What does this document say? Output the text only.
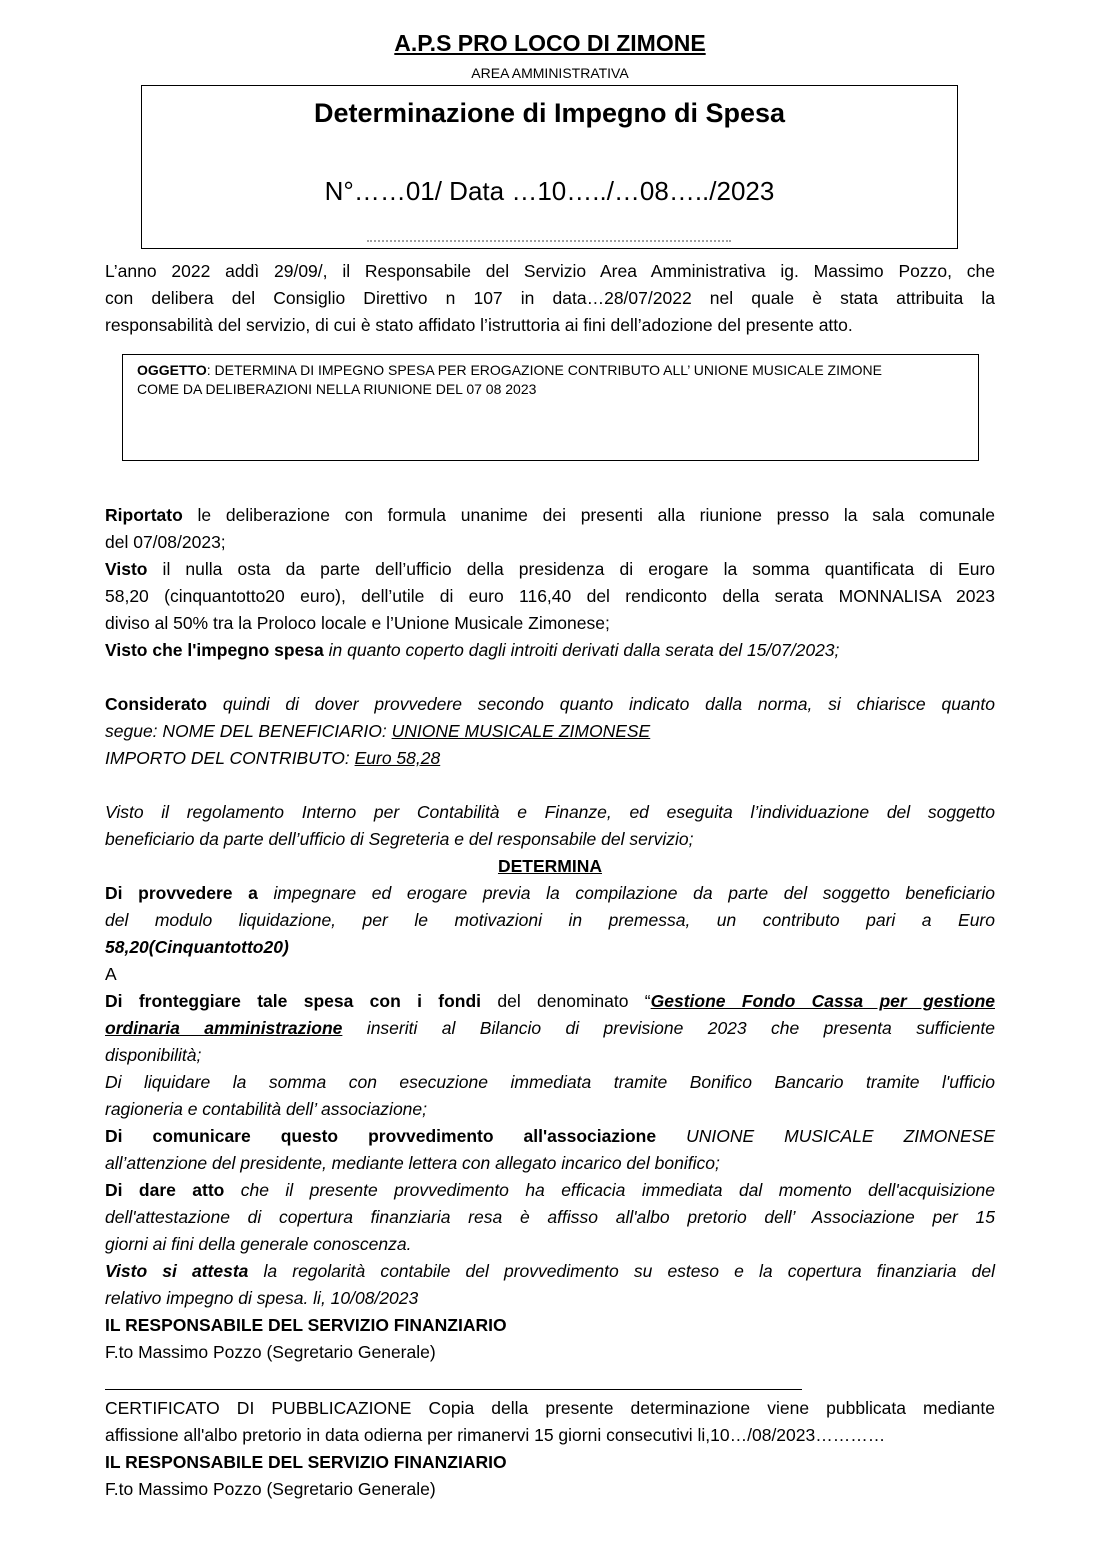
A.P.S PRO LOCO DI ZIMONE
AREA AMMINISTRATIVA
Determinazione di Impegno di Spesa
N°……01/ Data …10…../…08…../2023
L’anno 2022 addì 29/09/, il Responsabile del Servizio Area Amministrativa ig. Massimo Pozzo, che
con delibera del Consiglio Direttivo n 107 in data…28/07/2022 nel quale è stata attribuita la
responsabilità del servizio, di cui è stato affidato l’istruttoria ai fini dell’adozione del presente atto.
OGGETTO: DETERMINA DI IMPEGNO SPESA PER EROGAZIONE CONTRIBUTO ALL’ UNIONE MUSICALE ZIMONE
COME DA DELIBERAZIONI NELLA RIUNIONE DEL 07 08 2023
Riportato le deliberazione con formula unanime dei presenti alla riunione presso la sala comunale
del 07/08/2023;
Visto il nulla osta da parte dell’ufficio della presidenza di erogare la somma quantificata di Euro
58,20 (cinquantotto20 euro), dell’utile di euro 116,40 del rendiconto della serata MONNALISA 2023
diviso al 50% tra la Proloco locale e l’Unione Musicale Zimonese;
Visto che l'impegno spesa in quanto coperto dagli introiti derivati dalla serata del 15/07/2023;
Considerato quindi di dover provvedere secondo quanto indicato dalla norma, si chiarisce quanto
segue: NOME DEL BENEFICIARIO: UNIONE MUSICALE ZIMONESE
IMPORTO DEL CONTRIBUTO: Euro 58,28
Visto il regolamento Interno per Contabilità e Finanze, ed eseguita l’individuazione del soggetto
beneficiario da parte dell’ufficio di Segreteria e del responsabile del servizio;
DETERMINA
Di provvedere a impegnare ed erogare previa la compilazione da parte del soggetto beneficiario
del modulo liquidazione, per le motivazioni in premessa, un contributo pari a Euro
58,20(Cinquantotto20)
A
Di fronteggiare tale spesa con i fondi del denominato “Gestione Fondo Cassa per gestione
ordinaria amministrazione inseriti al Bilancio di previsione 2023 che presenta sufficiente
disponibilità;
Di liquidare la somma con esecuzione immediata tramite Bonifico Bancario tramite l'ufficio
ragioneria e contabilità dell’ associazione;
Di comunicare questo provvedimento all'associazione UNIONE MUSICALE ZIMONESE
all’attenzione del presidente, mediante lettera con allegato incarico del bonifico;
Di dare atto che il presente provvedimento ha efficacia immediata dal momento dell'acquisizione
dell'attestazione di copertura finanziaria resa è affisso all'albo pretorio dell’ Associazione per 15
giorni ai fini della generale conoscenza.
Visto si attesta la regolarità contabile del provvedimento su esteso e la copertura finanziaria del
relativo impegno di spesa. li, 10/08/2023
IL RESPONSABILE DEL SERVIZIO FINANZIARIO
F.to Massimo Pozzo (Segretario Generale)
CERTIFICATO DI PUBBLICAZIONE Copia della presente determinazione viene pubblicata mediante
affissione all'albo pretorio in data odierna per rimanervi 15 giorni consecutivi li,10…/08/2023…………
IL RESPONSABILE DEL SERVIZIO FINANZIARIO
F.to Massimo Pozzo (Segretario Generale)
